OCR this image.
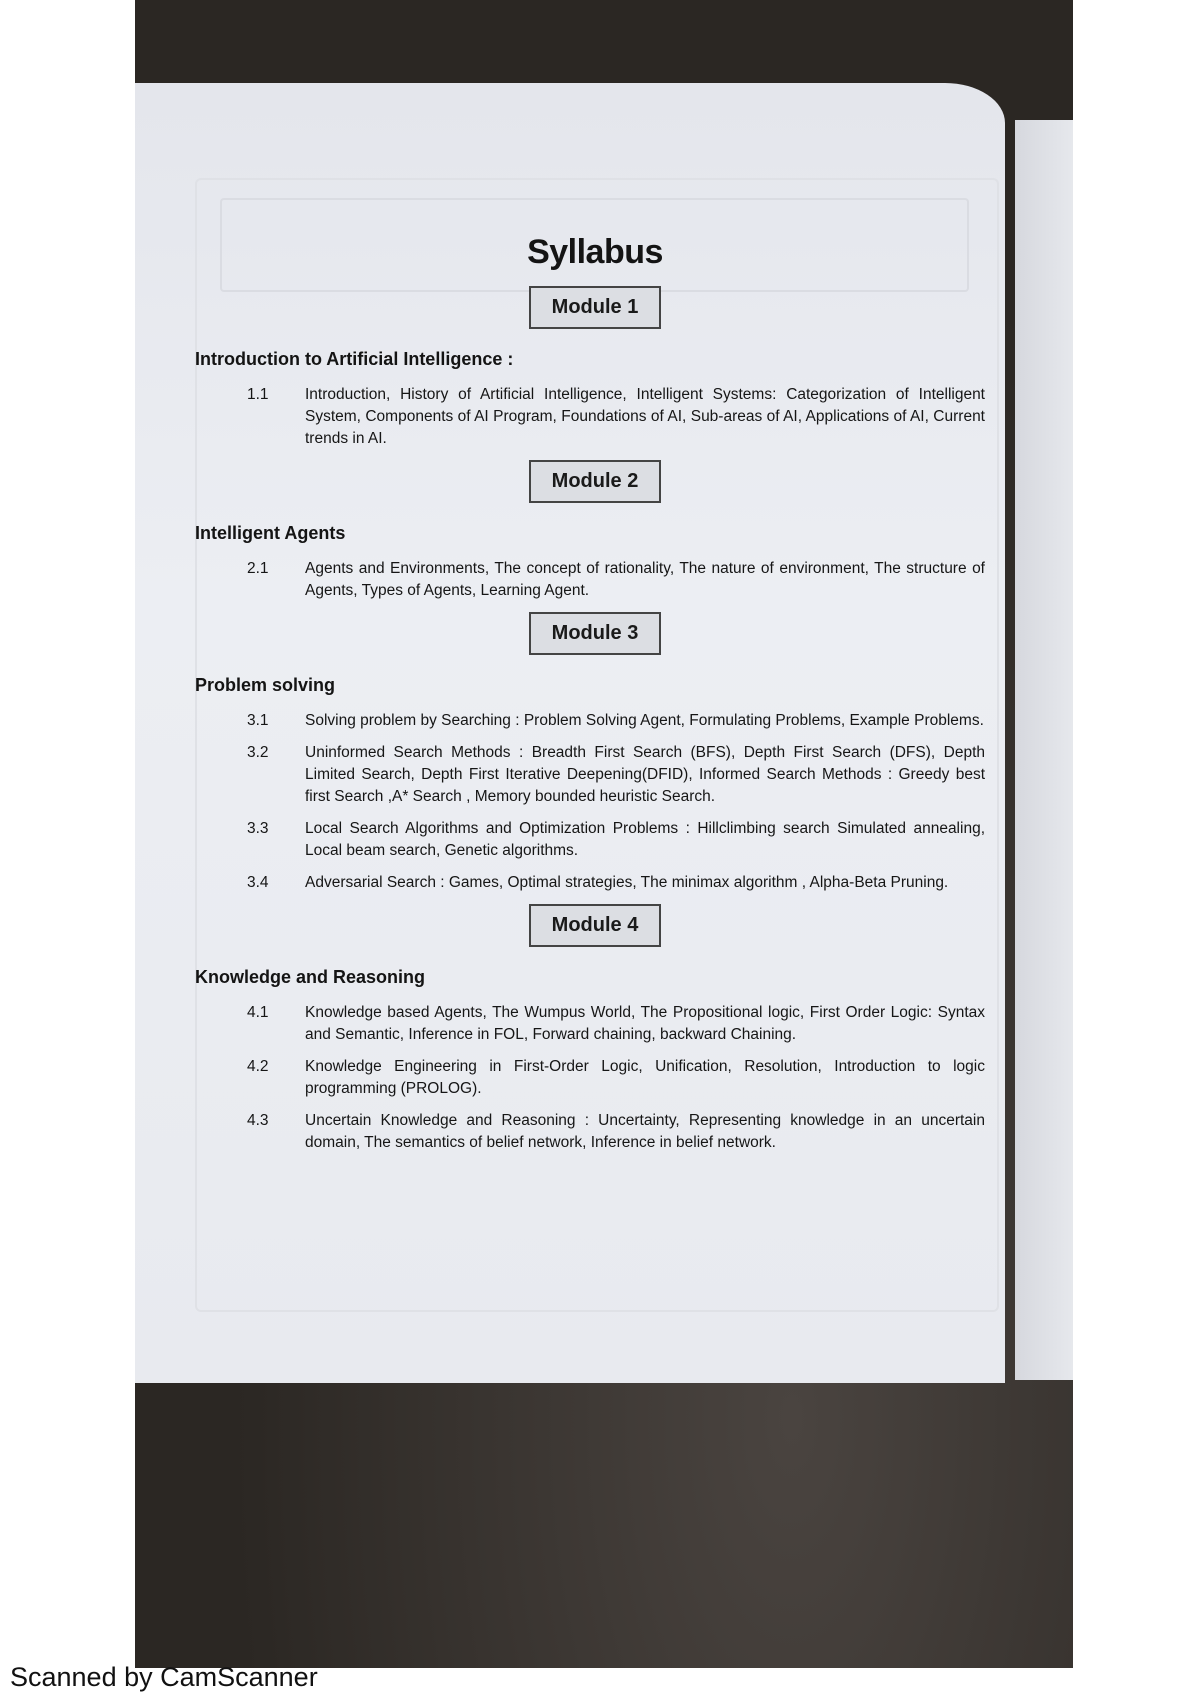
Syllabus
Module 1
Introduction to Artificial Intelligence :
1.1	Introduction, History of Artificial Intelligence, Intelligent Systems: Categorization of Intelligent System, Components of AI Program, Foundations of AI, Sub-areas of AI, Applications of AI, Current trends in AI.
Module 2
Intelligent Agents
2.1	Agents and Environments, The concept of rationality, The nature of environment, The structure of Agents, Types of Agents, Learning Agent.
Module 3
Problem solving
3.1	Solving problem by Searching : Problem Solving Agent, Formulating Problems, Example Problems.
3.2	Uninformed Search Methods : Breadth First Search (BFS), Depth First Search (DFS), Depth Limited Search, Depth First Iterative Deepening(DFID), Informed Search Methods : Greedy best first Search ,A* Search , Memory bounded heuristic Search.
3.3	Local Search Algorithms and Optimization Problems : Hillclimbing search Simulated annealing, Local beam search, Genetic algorithms.
3.4	Adversarial Search : Games, Optimal strategies, The minimax algorithm , Alpha-Beta Pruning.
Module 4
Knowledge and Reasoning
4.1	Knowledge based Agents, The Wumpus World, The Propositional logic, First Order Logic: Syntax and Semantic, Inference in FOL, Forward chaining, backward Chaining.
4.2	Knowledge Engineering in First-Order Logic, Unification, Resolution, Introduction to logic programming (PROLOG).
4.3	Uncertain Knowledge and Reasoning : Uncertainty, Representing knowledge in an uncertain domain, The semantics of belief network, Inference in belief network.
Scanned by CamScanner
